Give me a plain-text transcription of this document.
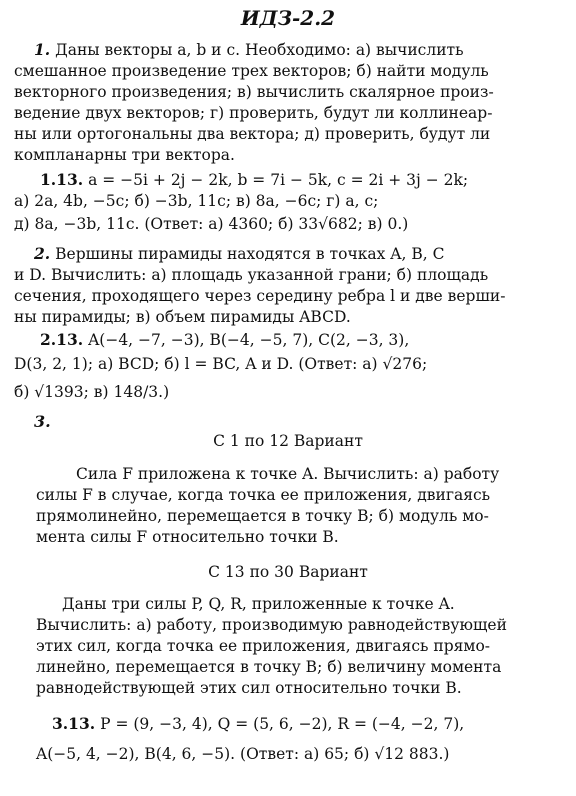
ИДЗ-2.2
1. Даны векторы a, b и c. Необходимо: а) вычислить
смешанное произведение трех векторов; б) найти модуль
векторного произведения; в) вычислить скалярное произ-
ведение двух векторов; г) проверить, будут ли коллинеар-
ны или ортогональны два вектора; д) проверить, будут ли
компланарны три вектора.
1.13. a = −5i + 2j − 2k, b = 7i − 5k, c = 2i + 3j − 2k;
а) 2a, 4b, −5c; б) −3b, 11c; в) 8a, −6c; г) a, c;
д) 8a, −3b, 11c. (Ответ: а) 4360; б) 33√682; в) 0.)
2. Вершины пирамиды находятся в точках A, B, C
и D. Вычислить: а) площадь указанной грани; б) площадь
сечения, проходящего через середину ребра l и две верши-
ны пирамиды; в) объем пирамиды ABCD.
2.13. A(−4, −7, −3), B(−4, −5, 7), C(2, −3, 3),
D(3, 2, 1); а) BCD; б) l = BC, A и D. (Ответ: а) √276;
б) √1393; в) 148/3.)
3.
С 1 по 12 Вариант
Сила F приложена к точке A. Вычислить: а) работу
силы F в случае, когда точка ее приложения, двигаясь
прямолинейно, перемещается в точку B; б) модуль мо-
мента силы F относительно точки B.
С 13 по 30 Вариант
Даны три силы P, Q, R, приложенные к точке A.
Вычислить: а) работу, производимую равнодействующей
этих сил, когда точка ее приложения, двигаясь прямо-
линейно, перемещается в точку B; б) величину момента
равнодействующей этих сил относительно точки B.
3.13. P = (9, −3, 4), Q = (5, 6, −2), R = (−4, −2, 7),
A(−5, 4, −2), B(4, 6, −5). (Ответ: а) 65; б) √12 883.)
